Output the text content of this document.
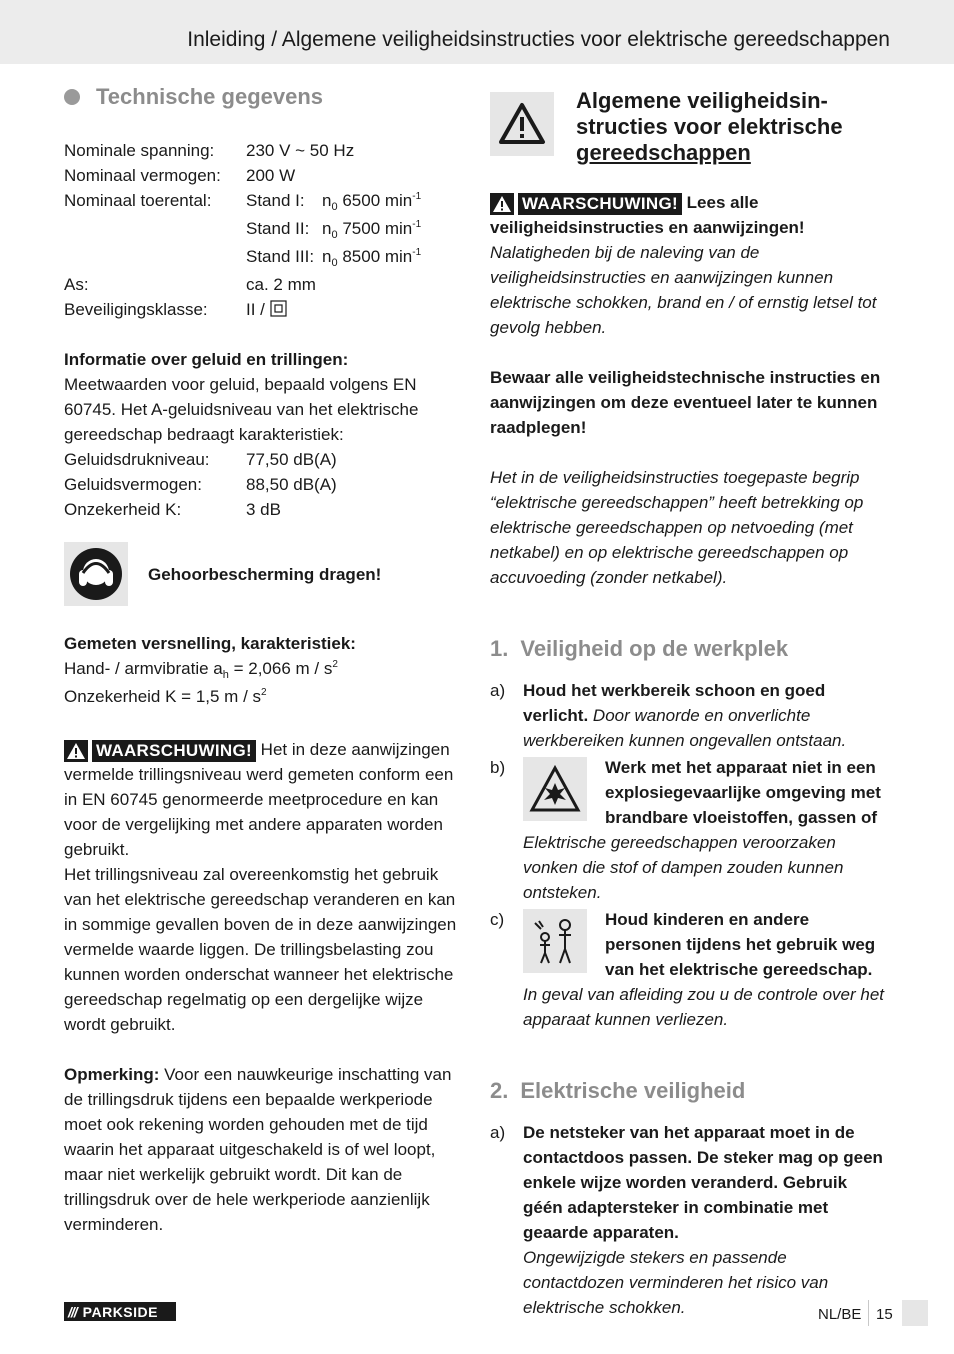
Inleiding / Algemene veiligheidsinstructies voor elektrische gereedschappen
Technische gegevens
Nominale spanning:	230 V ~ 50 Hz
Nominaal vermogen:	200 W
Nominaal toerental:	Stand I:	$n_0$ 6500 $\min^{-1}$
Stand II: $n_0$ 7500 $\min^{-1}$
Stand III: $n_0$ 8500 $\min^{-1}$
As:	ca. 2 mm
Beveiligingsklasse:	II /
Informatie over geluid en trillingen:
Meetwaarden voor geluid, bepaald volgens EN 60745. Het A-geluidsniveau van het elektrische gereedschap bedraagt karakteristiek:
Geluidsdrukniveau:	77,50 dB(A)
Geluidsvermogen:	88,50 dB(A)
Onzekerheid K:	3 dB
Gehoorbescherming dragen!
Gemeten versnelling, karakteristiek:
Hand- / armvibratie $a_h = 2,066$ m / $s^2$
Onzekerheid K = 1,5 m / $s^2$
WAARSCHUWING! Het in deze aanwijzingen vermelde trillingsniveau werd gemeten conform een in EN 60745 genormeerde meetprocedure en kan voor de vergelijking met andere apparaten worden gebruikt.
Het trillingsniveau zal overeenkomstig het gebruik van het elektrische gereedschap veranderen en kan in sommige gevallen boven de in deze aanwijzingen vermelde waarde liggen. De trillingsbelasting zou kunnen worden onderschat wanneer het elektrische gereedschap regelmatig op een dergelijke wijze wordt gebruikt.
Opmerking: Voor een nauwkeurige inschatting van de trillingsdruk tijdens een bepaalde werkperiode moet ook rekening worden gehouden met de tijd waarin het apparaat uitgeschakeld is of wel loopt, maar niet werkelijk gebruikt wordt. Dit kan de trillingsdruk over de hele werkperiode aanzienlijk verminderen.
Algemene veiligheidsin-
structies voor elektrische
gereedschappen
WAARSCHUWING! Lees alle veiligheidsinstructies en aanwijzingen!
Nalatigheden bij de naleving van de veiligheidsinstructies en aanwijzingen kunnen elektrische schokken, brand en / of ernstig letsel tot gevolg hebben.
Bewaar alle veiligheidstechnische instructies en aanwijzingen om deze eventueel later te kunnen raadplegen!
Het in de veiligheidsinstructies toegepaste begrip “elektrische gereedschappen” heeft betrekking op elektrische gereedschappen op netvoeding (met netkabel) en op elektrische gereedschappen op accuvoeding (zonder netkabel).
1. Veiligheid op de werkplek
a)	Houd het werkbereik schoon en goed verlicht. Door wanorde en onverlichte werkbereiken kunnen ongevallen ontstaan.
b)	Werk met het apparaat niet in een explosiegevaarlijke omgeving met brandbare vloeistoffen, gassen of
Elektrische gereedschappen veroorzaken vonken die stof of dampen zouden kunnen ontsteken.
c)	Houd kinderen en andere personen tijdens het gebruik weg van het elektrische gereedschap.
In geval van afleiding zou u de controle over het apparaat kunnen verliezen.
2. Elektrische veiligheid
a)	De netsteker van het apparaat moet in de contactdoos passen. De steker mag op geen enkele wijze worden veranderd. Gebruik géén adaptersteker in combinatie met geaarde apparaten.
Ongewijzigde stekers en passende contactdozen verminderen het risico van elektrische schokken.
/// PARKSIDE	NL/BE 15
